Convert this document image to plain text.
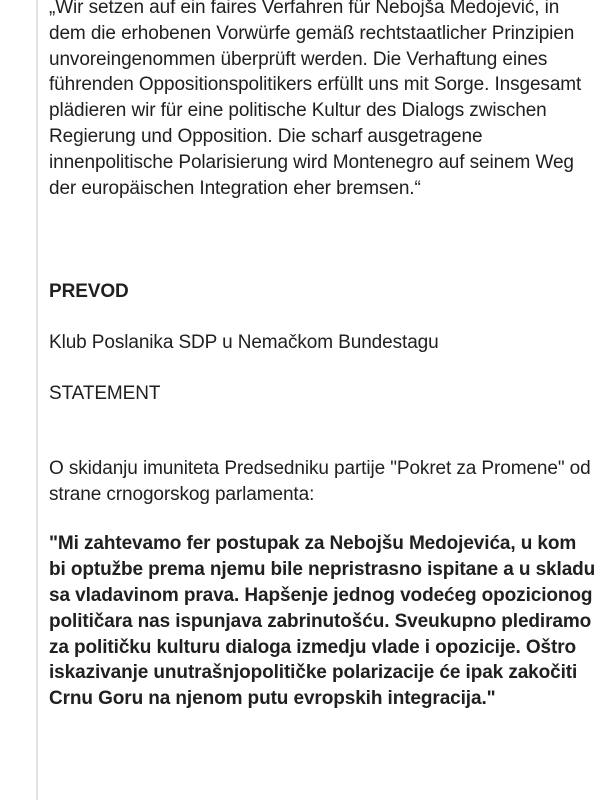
„Wir setzen auf ein faires Verfahren für Nebojša Medojević, in dem die erhobenen Vorwürfe gemäß rechtstaatlicher Prinzipien unvoreingenommen überprüft werden. Die Verhaftung eines führenden Oppositionspolitikers erfüllt uns mit Sorge. Insgesamt plädieren wir für eine politische Kultur des Dialogs zwischen Regierung und Opposition. Die scharf ausgetragene innenpolitische Polarisierung wird Montenegro auf seinem Weg der europäischen Integration eher bremsen.“

PREVOD

Klub Poslanika SDP u Nemačkom Bundestagu

STATEMENT

O skidanju imuniteta Predsedniku partije "Pokret za Promene" od strane crnogorskog parlamenta:

"Mi zahtevamo fer postupak za Nebojšu Medojevića, u kom bi optužbe prema njemu bile nepristrasno ispitane a u skladu sa vladavinom prava. Hapšenje jednog vodećeg opozicionog političara nas ispunjava zabrinutošću. Sveukupno plediramo za političku kulturu dialoga izmedju vlade i opozicije. Oštro iskazivanje unutrašnjopolitičke polarizacije će ipak zakočiti Crnu Goru na njenom putu evropskih integracija."
